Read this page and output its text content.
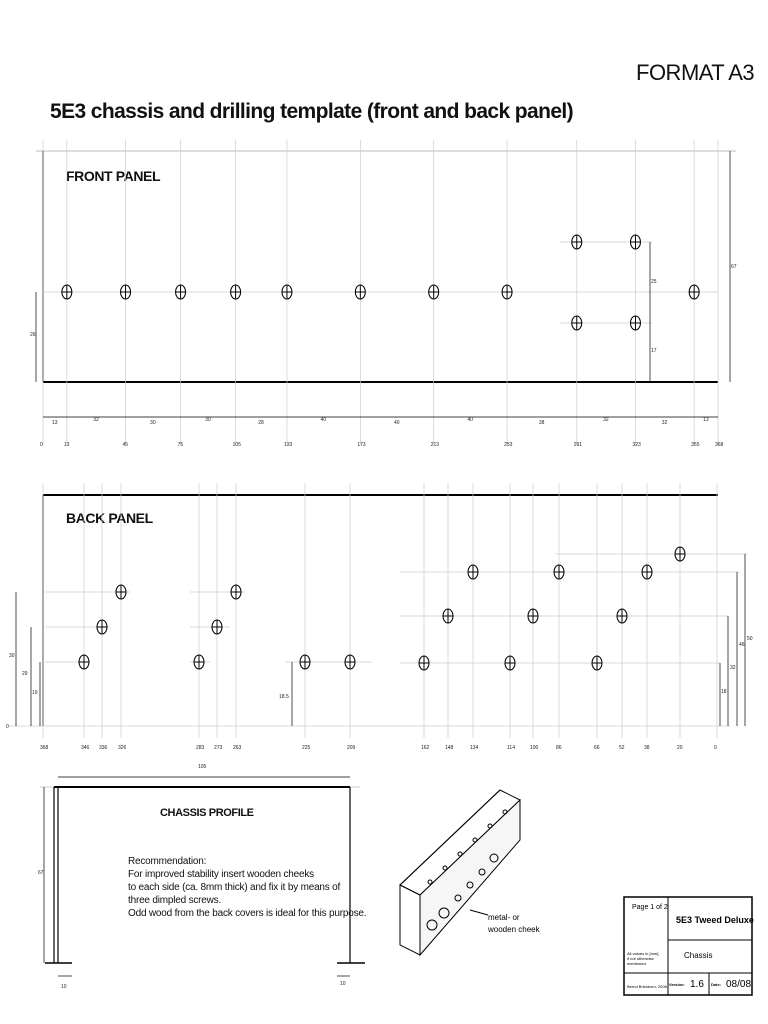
FORMAT A3
5E3 chassis and drilling template (front and back panel)
FRONT PANEL
BACK PANEL
67
25
17
26
13	32	30	30	28	40	40	40	38	32	32	13
0	13	45	75	105	133	173	213	253	291	323	355	368
30
29
19
0
18.5
50
46
32
18
368	346 336 326	283 273 263	225	209	162	148	134	114	100	86	66	52	38	20	0
105
67
10	10
metal- or
wooden cheek
Page 1 of 2
5E3 Tweed Deluxe
Chassis
All values in [mm],
if not otherwise
mentioned.
Bernd Brieskorn, 2006 Version: 1.6 Date: 08/08
CHASSIS PROFILE
Recommendation:
For improved stability insert wooden cheeks
to each side (ca. 8mm thick) and fix it by means of
three dimpled screws.
Odd wood from the back covers is ideal for this purpose.
